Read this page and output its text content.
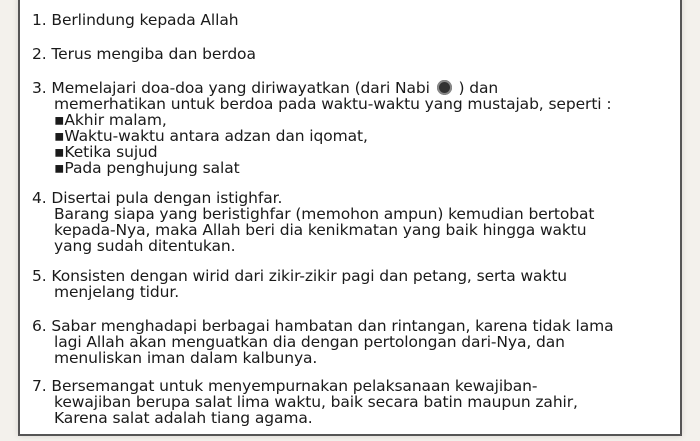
1. Berlindung kepada Allah
2. Terus mengiba dan berdoa
3. Memelajari doa-doa yang diriwayatkan (dari Nabi ) dan
memerhatikan untuk berdoa pada waktu-waktu yang mustajab, seperti :
▪Akhir malam,
▪Waktu-waktu antara adzan dan iqomat,
▪Ketika sujud
▪Pada penghujung salat
4. Disertai pula dengan istighfar.
Barang siapa yang beristighfar (memohon ampun) kemudian bertobat
kepada-Nya, maka Allah beri dia kenikmatan yang baik hingga waktu
yang sudah ditentukan.
5. Konsisten dengan wirid dari zikir-zikir pagi dan petang, serta waktu
menjelang tidur.
6. Sabar menghadapi berbagai hambatan dan rintangan, karena tidak lama
lagi Allah akan menguatkan dia dengan pertolongan dari-Nya, dan
menuliskan iman dalam kalbunya.
7. Bersemangat untuk menyempurnakan pelaksanaan kewajiban-
kewajiban berupa salat lima waktu, baik secara batin maupun zahir,
Karena salat adalah tiang agama.
